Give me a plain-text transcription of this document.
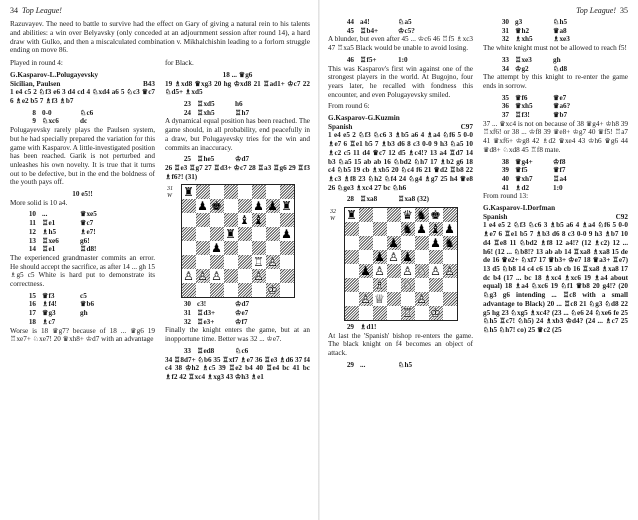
34 Top League!
Razuvayev. The need to battle to survive had the effect on Gary of giving a natural rein to his talents and abilities: a win over Belyavsky (only conceded at an adjournment session after round 14), a hard draw with Gulko, and then a miscalculated combination v. Mikhalchishin leading to a forlorn struggle ending on move 86.

Played in round 4:

G.Kasparov-L.Polugayevsky
Sicilian, Paulsen	B43

1 e4 c5 2 ♘f3 e6 3 d4 cd 4 ♘xd4 a6 5 ♘c3 ♛c7 6 ♗e2 b5 7 ♗f3 ♗b7

8 0-0	♘c6
9 ♘xc6	dc

Polugayevsky rarely plays the Paulsen system, but he had specially prepared the variation for this game with Kasparov. A little-investigated position has been reached. Garik is not perturbed and unleashes his own novelty. It is true that it turns out to be defective, but in the end the boldness of the youth pays off.

10 e5!!

More solid is 10 a4.

10 ...	♛xe5
11 ♖e1	♛c7
12 ♗h5	♗e7!
13 ♖xe6	g6!
14 ♖e1	♖d8!

The experienced grandmaster commits an error. He should accept the sacrifice, as after 14 ... gh 15 ♗g5 c5 White is hard put to demonstrate its correctness.

15 ♛f3	c5
16 ♗f4!	♛b6
17 ♛g3	gh
18 ♗c7

Worse is 18 ♛g7? because of 18 ... ♛g6 19 ♖xe7+ ♘xe7! 20 ♛xh8+ ♔d7 with an advantage

for Black.

18 ... ♛g6

19 ♗xd8 ♛xg3 20 hg ♔xd8 21 ♖ad1+ ♔c7 22 ♘d5+ ♗xd5

23 ♖xd5	h6
24 ♖xh5	♖h7

A dynamical equal position has been reached. The game should, in all probability, end peacefully in a draw, but Polugayevsky tries for the win and commits an inaccuracy.

25 ♖he5	♔d7

26 ♖e3 ♖g7 27 ♖d3+ ♔c7 28 ♖a3 ♖g6 29 ♖f3 ♗f6?! (31)

31
W ♜
♟ ♚	♟ ♟ ♜
♝ ♝
♜	♟
♟
♖ ♙
♙ ♙ ♙	♙
♔
30 c3!	♔d7
31 ♖d3+	♔e7
32 ♖e3+	♔f7

Finally the knight enters the game, but at an inopportune time. Better was 32 ... ♔e7.

33 ♖ed8	♘c6

34 ♖8d7+ ♘b6 35 ♖xf7 ♗e7 36 ♖e3 ♗d6 37 f4 c4 38 ♔h2 ♗c5 39 ♖e2 b4 40 ♖e4 bc 41 bc ♗f2 42 ♖xc4 ♗xg3 43 ♔h3 ♗e1

Top League! 35
44 a4!	♘a5
45 ♖b4+	♔c5?

A blunder, but even after 45 ... ♔c6 46 ♖f5 ♗xc3 47 ♖xa5 Black would be unable to avoid losing.

46 ♖f5+	1:0

This was Kasparov's first win against one of the strongest players in the world. At Bugojno, four years later, he recalled with fondness this encounter, and even Polugayevsky smiled.

From round 6:

G.Kasparov-G.Kuzmin
Spanish	C97

1 e4 e5 2 ♘f3 ♘c6 3 ♗b5 a6 4 ♗a4 ♘f6 5 0-0 ♗e7 6 ♖e1 b5 7 ♗b3 d6 8 c3 0-0 9 h3 ♘a5 10 ♗c2 c5 11 d4 ♛c7 12 d5 ♗c4!? 13 a4 ♖d7 14 b3 ♘a5 15 ab ab 16 ♘bd2 ♘h7 17 ♗b2 g6 18 c4 ♘b5 19 cb ♗xb5 20 ♘c4 f6 21 ♛d2 ♖b8 22 ♗c3 ♗f8 23 ♘h2 ♘f4 24 ♘g4 ♗g7 25 h4 ♛e8 26 ♘ge3 ♗xc4 27 bc ♘h6

28 ♖xa8	♖xa8 (32)
32
W ♜	♛ ♞ ♚
♞ ♟ ♝ ♟
♟	♟ ♞
♟ ♙ ♟
♟ ♙ ♙ ♘ ♙ ♙
♗ ♘
♙ ♕	♙
♖ ♔
29 ♗d1!

At last the 'Spanish' bishop re-enters the game. The black knight on f4 becomes an object of attack.

29 ...	♘h5
30 g3	♘h5
31 ♛h2	♛a8
32 ♗xh5	♗xe3

The white knight must not be allowed to reach f5!

33 ♖xe3	gh
34 ♔g2	♘d8

The attempt by this knight to re-enter the game ends in sorrow.

35 ♛f6	♛e7
36 ♛xh5	♛a6?
37 ♖f3!	♛b7

37 ... ♛xc4 is not on because of 38 ♛g4+ ♔h8 39 ♖xf6! or 38 ... ♔f8 39 ♛e8+ ♔g7 40 ♛f5! ♖a7 41 ♛xf6+ ♔g8 42 ♗d2 ♛xe4 43 ♔h6 ♛g6 44 ♛d8+ ♘xd8 45 ♖f8 mate.

38 ♛g4+	♔f8
39 ♛f5	♛f7
40 ♛xh7	♖a4
41 ♗d2	1:0

From round 13:

G.Kasparov-I.Dorfman
Spanish	C92

1 e4 e5 2 ♘f3 ♘c6 3 ♗b5 a6 4 ♗a4 ♘f6 5 0-0 ♗e7 6 ♖e1 b5 7 ♗b3 d6 8 c3 0-0 9 h3 ♗b7 10 d4 ♖e8 11 ♘bd2 ♗f8 12 a4!? (12 ♗c2) 12 ... h6! (12 ... ♘b8!? 13 ab ab 14 ♖xa8 ♗xa8 15 de de 16 ♛e2+ ♘xf7 17 ♛b3+ ♔e7 18 ♛a3+ ♖e7) 13 d5 ♘b8 14 c4 c6 15 ab cb 16 ♖xa8 ♗xa8 17 dc b4 (17 ... bc 18 ♗xc4 ♗xc6 19 ♗a4 about equal) 18 ♗a4 ♘xc6 19 ♘f1 ♛b8 20 g4!? (20 ♘g3 g6 intending ... ♖c8 with a small advantage to Black) 20 ... ♖c8 21 ♘g3 ♘d8 22 g5 hg 23 ♘xg5 ♗xc4? (23 ... ♘e6 24 ♘xe6 fe 25 ♘h5 ♖c7! ♘h5) 24 ♗xb3 ♔d4? (24 ... ♗c7 25 ♘h5 ♘h7! co) 25 ♛c2 (25
